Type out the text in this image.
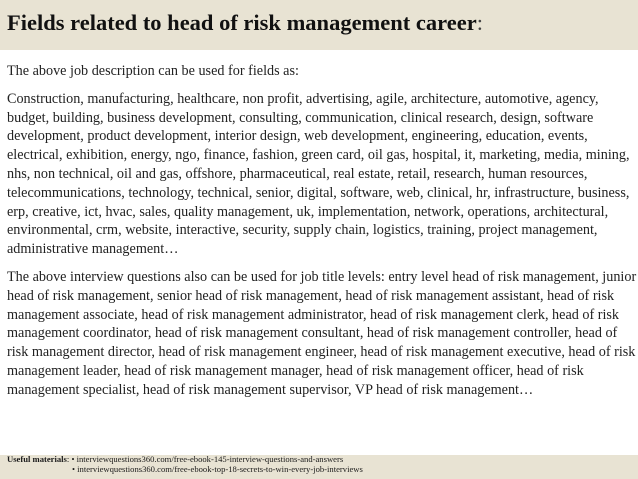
Fields related to head of risk management career:

The above job description can be used for fields as:

Construction, manufacturing, healthcare, non profit, advertising, agile, architecture, automotive, agency, budget, building, business development, consulting, communication, clinical research, design, software development, product development, interior design, web development, engineering, education, events, electrical, exhibition, energy, ngo, finance, fashion, green card, oil gas, hospital, it, marketing, media, mining, nhs, non technical, oil and gas, offshore, pharmaceutical, real estate, retail, research, human resources, telecommunications, technology, technical, senior, digital, software, web, clinical, hr, infrastructure, business, erp, creative, ict, hvac, sales, quality management, uk, implementation, network, operations, architectural, environmental, crm, website, interactive, security, supply chain, logistics, training, project management, administrative management…

The above interview questions also can be used for job title levels: entry level head of risk management, junior head of risk management, senior head of risk management, head of risk management assistant, head of risk management associate, head of risk management administrator, head of risk management clerk, head of risk management coordinator, head of risk management consultant, head of risk management controller, head of risk management director, head of risk management engineer, head of risk management executive, head of risk management leader, head of risk management manager, head of risk management officer, head of risk management specialist, head of risk management supervisor, VP head of risk management…

Useful materials: • interviewquestions360.com/free-ebook-145-interview-questions-and-answers
• interviewquestions360.com/free-ebook-top-18-secrets-to-win-every-job-interviews
